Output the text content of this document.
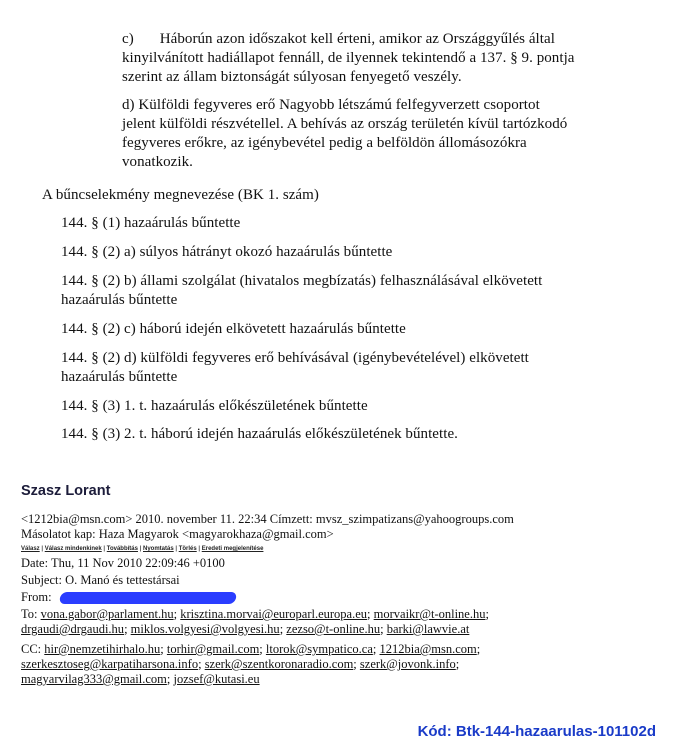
c) Háborún azon időszakot kell érteni, amikor az Országgyűlés által
kinyilvánított hadiállapot fennáll, de ilyennek tekintendő a 137. § 9. pontja
szerint az állam biztonságát súlyosan fenyegető veszély.
d) Külföldi fegyveres erő Nagyobb létszámú felfegyverzett csoportot
jelent külföldi részvétellel. A behívás az ország területén kívül tartózkodó
fegyveres erőkre, az igénybevétel pedig a belföldön állomásozókra
vonatkozik.
A bűncselekmény megnevezése (BK 1. szám)
144. § (1) hazaárulás bűntette
144. § (2) a) súlyos hátrányt okozó hazaárulás bűntette
144. § (2) b) állami szolgálat (hivatalos megbízatás) felhasználásával elkövetett
hazaárulás bűntette
144. § (2) c) háború idején elkövetett hazaárulás bűntette
144. § (2) d) külföldi fegyveres erő behívásával (igénybevételével) elkövetett
hazaárulás bűntette
144. § (3) 1. t. hazaárulás előkészületének bűntette
144. § (3) 2. t. háború idején hazaárulás előkészületének bűntette.
Szasz Lorant
<1212bia@msn.com> 2010. november 11. 22:34 Címzett: mvsz_szimpatizans@yahoogroups.com
Másolatot kap: Haza Magyarok <magyarokhaza@gmail.com>
Válasz | Válasz mindenkinek | Továbbítás | Nyomtatás | Törlés | Eredeti megjelenítése
Date: Thu, 11 Nov 2010 22:09:46 +0100
Subject: O. Manó és tettestársai
From:
To: vona.gabor@parlament.hu; krisztina.morvai@europarl.europa.eu; morvaikr@t-online.hu;
drgaudi@drgaudi.hu; miklos.volgyesi@volgyesi.hu; zezso@t-online.hu; barki@lawvie.at
CC: hir@nemzetihirhalo.hu; torhir@gmail.com; ltorok@sympatico.ca; 1212bia@msn.com;
szerkesztoseg@karpatiharsona.info; szerk@szentkoronaradio.com; szerk@jovonk.info;
magyarvilag333@gmail.com; jozsef@kutasi.eu
Kód: Btk-144-hazaarulas-101102d
